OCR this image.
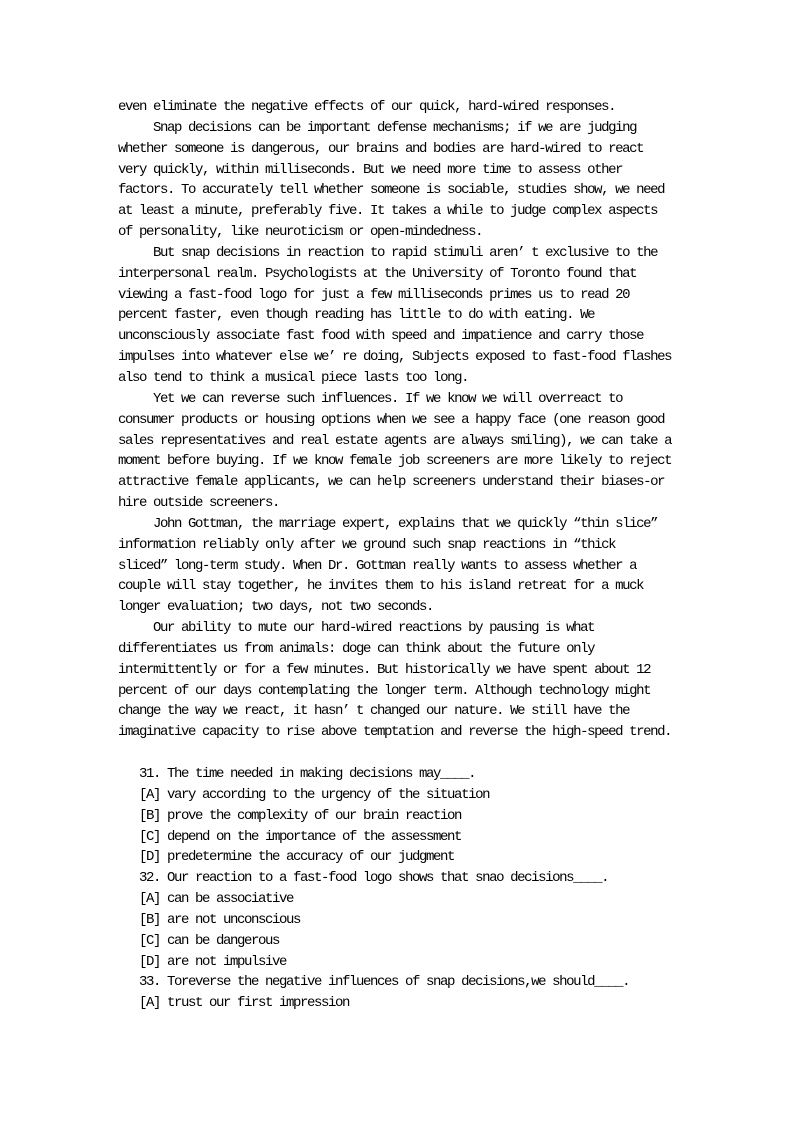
even eliminate the negative effects of our quick, hard-wired responses.
Snap decisions can be important defense mechanisms; if we are judging
whether someone is dangerous, our brains and bodies are hard-wired to react
very quickly, within milliseconds. But we need more time to assess other
factors. To accurately tell whether someone is sociable, studies show, we need
at least a minute, preferably five. It takes a while to judge complex aspects
of personality, like neuroticism or open-mindedness.
But snap decisions in reaction to rapid stimuli aren’ t exclusive to the
interpersonal realm. Psychologists at the University of Toronto found that
viewing a fast-food logo for just a few milliseconds primes us to read 20
percent faster, even though reading has little to do with eating. We
unconsciously associate fast food with speed and impatience and carry those
impulses into whatever else we’ re doing, Subjects exposed to fast-food flashes
also tend to think a musical piece lasts too long.
Yet we can reverse such influences. If we know we will overreact to
consumer products or housing options when we see a happy face (one reason good
sales representatives and real estate agents are always smiling), we can take a
moment before buying. If we know female job screeners are more likely to reject
attractive female applicants, we can help screeners understand their biases-or
hire outside screeners.
John Gottman, the marriage expert, explains that we quickly “thin slice”
information reliably only after we ground such snap reactions in “thick
sliced” long-term study. When Dr. Gottman really wants to assess whether a
couple will stay together, he invites them to his island retreat for a muck
longer evaluation; two days, not two seconds.
Our ability to mute our hard-wired reactions by pausing is what
differentiates us from animals: doge can think about the future only
intermittently or for a few minutes. But historically we have spent about 12
percent of our days contemplating the longer term. Although technology might
change the way we react, it hasn’ t changed our nature. We still have the
imaginative capacity to rise above temptation and reverse the high-speed trend.
31. The time needed in making decisions may____.
[A] vary according to the urgency of the situation
[B] prove the complexity of our brain reaction
[C] depend on the importance of the assessment
[D] predetermine the accuracy of our judgment
32. Our reaction to a fast-food logo shows that snao decisions____.
[A] can be associative
[B] are not unconscious
[C] can be dangerous
[D] are not impulsive
33. Toreverse the negative influences of snap decisions,we should____.
[A] trust our first impression
